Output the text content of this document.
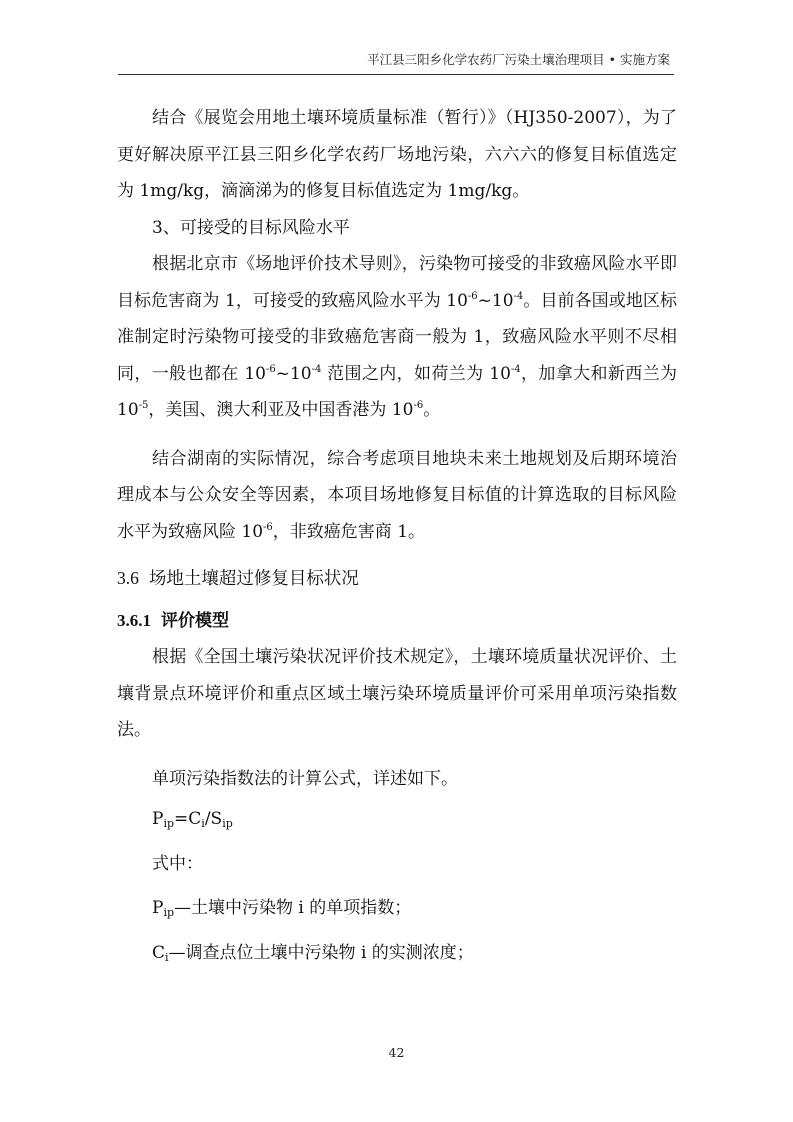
平江县三阳乡化学农药厂污染土壤治理项目 • 实施方案

结合《展览会用地土壤环境质量标准（暂行）》（HJ350-2007），为了更好解决原平江县三阳乡化学农药厂场地污染，六六六的修复目标值选定为 1mg/kg，滴滴涕为的修复目标值选定为 1mg/kg。

3、可接受的目标风险水平

根据北京市《场地评价技术导则》，污染物可接受的非致癌风险水平即目标危害商为 1，可接受的致癌风险水平为 $10^{-6}\sim 10^{-4}$。目前各国或地区标准制定时污染物可接受的非致癌危害商一般为 1，致癌风险水平则不尽相同，一般也都在 $10^{-6}\sim 10^{-4}$ 范围之内，如荷兰为 $10^{-4}$，加拿大和新西兰为 $10^{-5}$，美国、澳大利亚及中国香港为 $10^{-6}$。

结合湖南的实际情况，综合考虑项目地块未来土地规划及后期环境治理成本与公众安全等因素，本项目场地修复目标值的计算选取的目标风险水平为致癌风险 $10^{-6}$，非致癌危害商 1。

3.6 场地土壤超过修复目标状况

3.6.1 评价模型

根据《全国土壤污染状况评价技术规定》，土壤环境质量状况评价、土壤背景点环境评价和重点区域土壤污染环境质量评价可采用单项污染指数法。

单项污染指数法的计算公式，详述如下。

$P_{ip}=C_i/S_{ip}$

式中：

$P_{ip}—$土壤中污染物 i 的单项指数；

$C_i—$调查点位土壤中污染物 i 的实测浓度；

42
